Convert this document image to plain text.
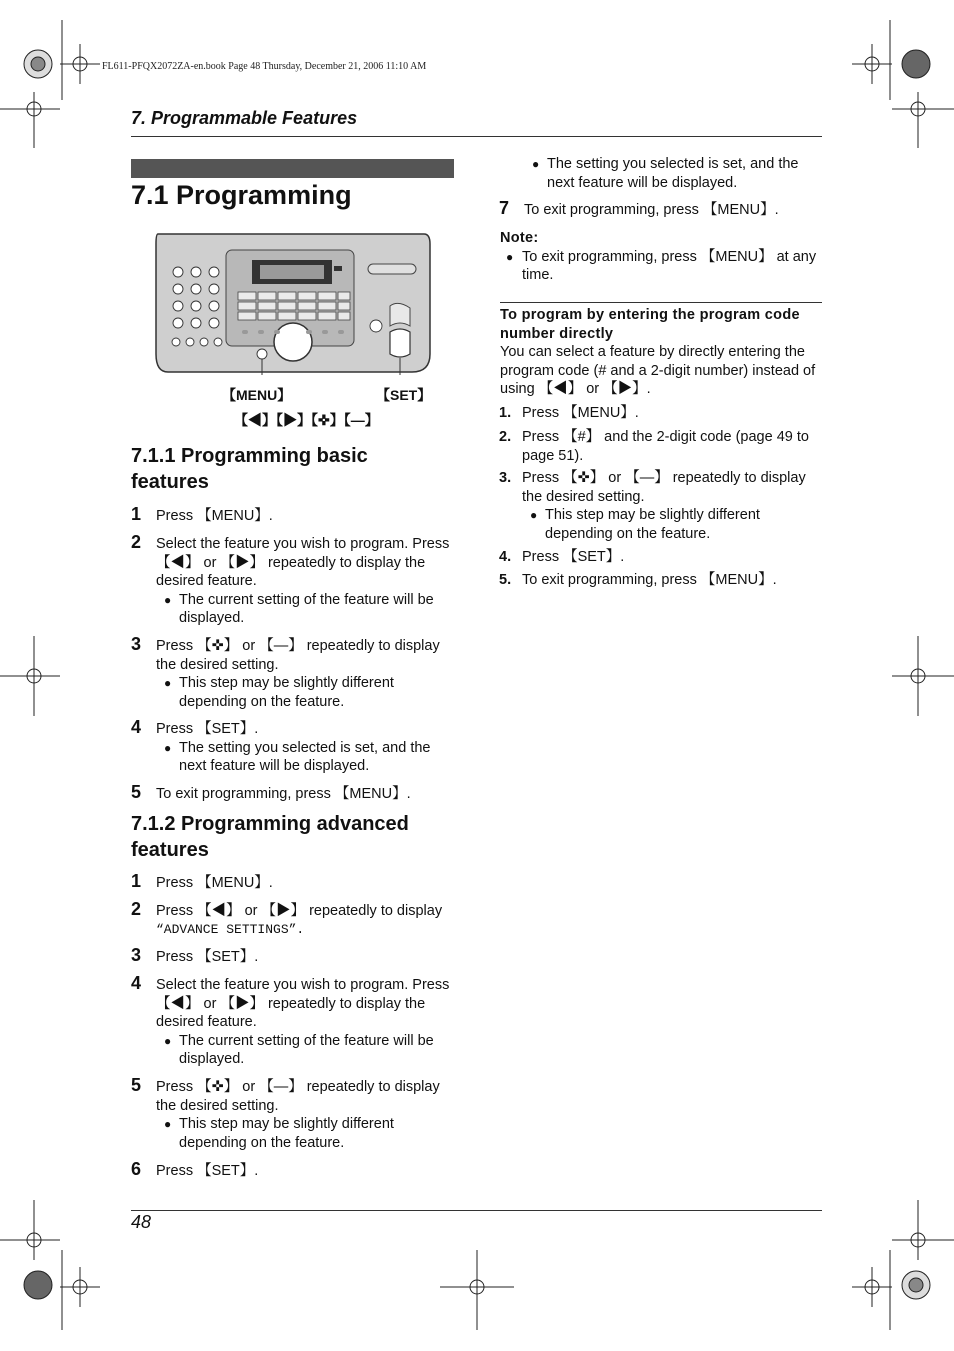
FL611-PFQX2072ZA-en.book Page 48 Thursday, December 21, 2006 11:10 AM
7. Programmable Features
7.1 Programming
【MENU】	【SET】
【◀】【▶】【✜】【—】
7.1.1 Programming basic
features
1 Press 【MENU】.
2 Select the feature you wish to program. Press 【◀】 or 【▶】 repeatedly to display the desired feature.
● The current setting of the feature will be displayed.
3 Press 【✜】 or 【—】 repeatedly to display the desired setting.
● This step may be slightly different depending on the feature.
4 Press 【SET】.
● The setting you selected is set, and the next feature will be displayed.
5 To exit programming, press 【MENU】.
7.1.2 Programming advanced
features
1 Press 【MENU】.
2 Press 【◀】 or 【▶】 repeatedly to display
“ADVANCE SETTINGS”.
3 Press 【SET】.
4 Select the feature you wish to program. Press 【◀】 or 【▶】 repeatedly to display the desired feature.
● The current setting of the feature will be displayed.
5 Press 【✜】 or 【—】 repeatedly to display the desired setting.
● This step may be slightly different depending on the feature.
6 Press 【SET】.
● The setting you selected is set, and the next feature will be displayed.
7 To exit programming, press 【MENU】.
Note:
● To exit programming, press 【MENU】 at any time.
To program by entering the program code number directly
You can select a feature by directly entering the program code (# and a 2-digit number) instead of using 【◀】 or 【▶】.
1. Press 【MENU】.
2. Press 【#】 and the 2-digit code (page 49 to page 51).
3. Press 【✜】 or 【—】 repeatedly to display the desired setting.
● This step may be slightly different depending on the feature.
4. Press 【SET】.
5. To exit programming, press 【MENU】.
48
